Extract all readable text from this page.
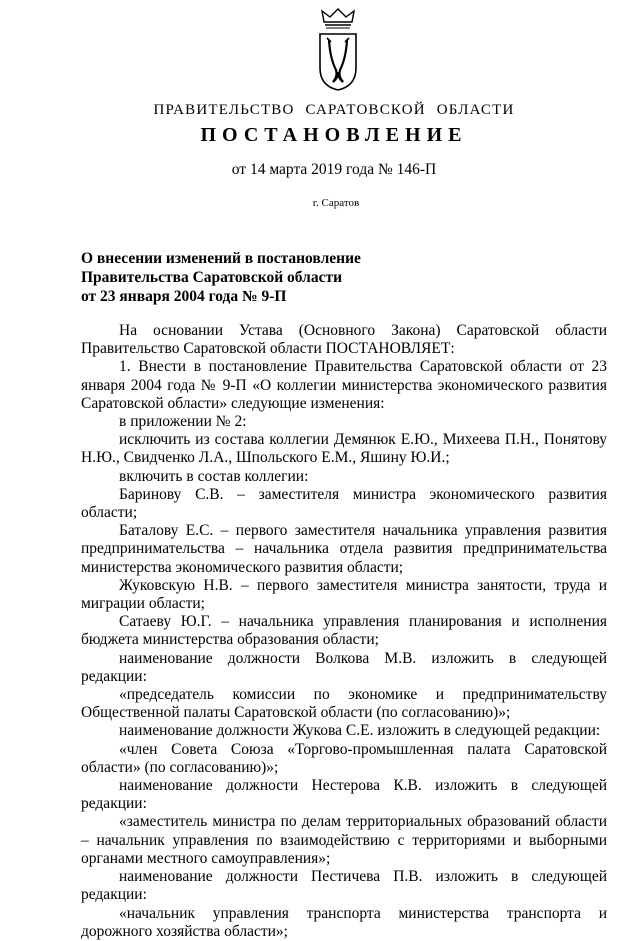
ПРАВИТЕЛЬСТВО САРАТОВСКОЙ ОБЛАСТИ
ПОСТАНОВЛЕНИЕ
от 14 марта 2019 года № 146-П
г. Саратов
О внесении изменений в постановление
Правительства Саратовской области
от 23 января 2004 года № 9-П

На основании Устава (Основного Закона) Саратовской области Правительство Саратовской области ПОСТАНОВЛЯЕТ:

1. Внести в постановление Правительства Саратовской области от 23 января 2004 года № 9-П «О коллегии министерства экономического развития Саратовской области» следующие изменения:

в приложении № 2:

исключить из состава коллегии Демянюк Е.Ю., Михеева П.Н., Понятову Н.Ю., Свидченко Л.А., Шпольского Е.М., Яшину Ю.И.;

включить в состав коллегии:

Баринову С.В. – заместителя министра экономического развития области;

Баталову Е.С. – первого заместителя начальника управления развития предпринимательства – начальника отдела развития предпринимательства министерства экономического развития области;

Жуковскую Н.В. – первого заместителя министра занятости, труда и миграции области;

Сатаеву Ю.Г. – начальника управления планирования и исполнения бюджета министерства образования области;

наименование должности Волкова М.В. изложить в следующей редакции:

«председатель комиссии по экономике и предпринимательству Общественной палаты Саратовской области (по согласованию)»;

наименование должности Жукова С.Е. изложить в следующей редакции:

«член Совета Союза «Торгово-промышленная палата Саратовской области» (по согласованию)»;

наименование должности Нестерова К.В. изложить в следующей редакции:

«заместитель министра по делам территориальных образований области – начальник управления по взаимодействию с территориями и выборными органами местного самоуправления»;

наименование должности Пестичева П.В. изложить в следующей редакции:

«начальник управления транспорта министерства транспорта и дорожного хозяйства области»;
